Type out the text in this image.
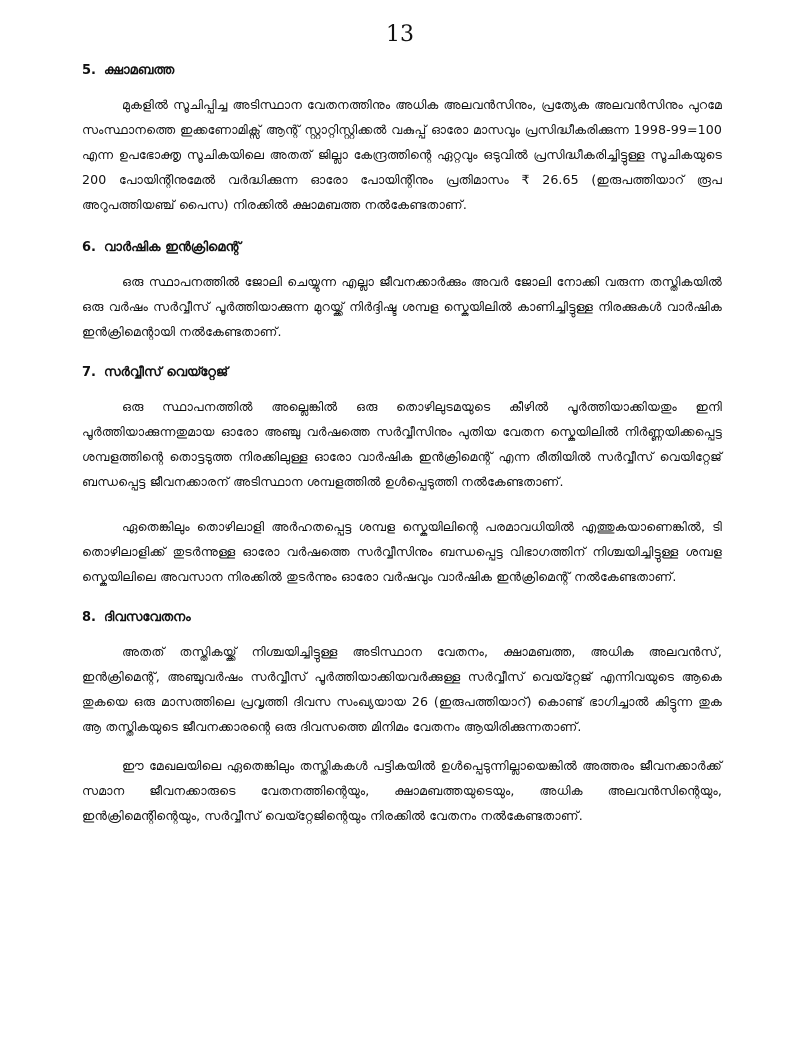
13

5. ക്ഷാമബത്ത

മുകളിൽ സൂചിപ്പിച്ച അടിസ്ഥാന വേതനത്തിനും അധിക അലവൻസിനും, പ്രത്യേക അലവൻസിനും പുറമേ സംസ്ഥാനത്തെ ഇക്കണോമിക്സ് ആന്റ് സ്റ്റാറ്റിസ്റ്റിക്കൽ വകുപ്പ് ഓരോ മാസവും പ്രസിദ്ധീകരിക്കുന്ന 1998-99=100 എന്ന ഉപഭോക്തൃ സൂചികയിലെ അതത് ജില്ലാ കേന്ദ്രത്തിന്റെ ഏറ്റവും ഒടുവിൽ പ്രസിദ്ധീകരിച്ചിട്ടുള്ള സൂചികയുടെ 200 പോയിന്റിനുമേൽ വർദ്ധിക്കുന്ന ഓരോ പോയിന്റിനും പ്രതിമാസം ₹ 26.65 (ഇരുപത്തിയാറ് രൂപ അറുപത്തിയഞ്ച് പൈസ) നിരക്കിൽ ക്ഷാമബത്ത നൽകേണ്ടതാണ്.

6. വാർഷിക ഇൻക്രിമെന്റ്

ഒരു സ്ഥാപനത്തിൽ ജോലി ചെയ്യുന്ന എല്ലാ ജീവനക്കാർക്കും അവർ ജോലി നോക്കി വരുന്ന തസ്തികയിൽ ഒരു വർഷം സർവ്വീസ് പൂർത്തിയാക്കുന്ന മുറയ്ക്ക് നിർദ്ദിഷ്ട ശമ്പള സ്കെയിലിൽ കാണിച്ചിട്ടുള്ള നിരക്കുകൾ വാർഷിക ഇൻക്രിമെന്റായി നൽകേണ്ടതാണ്.

7. സർവ്വീസ് വെയ്റ്റേജ്

ഒരു സ്ഥാപനത്തിൽ അല്ലെങ്കിൽ ഒരു തൊഴിലുടമയുടെ കീഴിൽ പൂർത്തിയാക്കിയതും ഇനി പൂർത്തിയാക്കുന്നതുമായ ഓരോ അഞ്ചു വർഷത്തെ സർവ്വീസിനും പുതിയ വേതന സ്കെയിലിൽ നിർണ്ണയിക്കപ്പെട്ട ശമ്പളത്തിന്റെ തൊട്ടടുത്ത നിരക്കിലുള്ള ഓരോ വാർഷിക ഇൻക്രിമെന്റ് എന്ന രീതിയിൽ സർവ്വീസ് വെയിറ്റേജ് ബന്ധപ്പെട്ട ജീവനക്കാരന് അടിസ്ഥാന ശമ്പളത്തിൽ ഉൾപ്പെടുത്തി നൽകേണ്ടതാണ്.

ഏതെങ്കിലും തൊഴിലാളി അർഹതപ്പെട്ട ശമ്പള സ്കെയിലിന്റെ പരമാവധിയിൽ എത്തുകയാണെങ്കിൽ, ടി തൊഴിലാളിക്ക് തുടർന്നുള്ള ഓരോ വർഷത്തെ സർവ്വീസിനും ബന്ധപ്പെട്ട വിഭാഗത്തിന് നിശ്ചയിച്ചിട്ടുള്ള ശമ്പള സ്കെയിലിലെ അവസാന നിരക്കിൽ തുടർന്നും ഓരോ വർഷവും വാർഷിക ഇൻക്രിമെന്റ് നൽകേണ്ടതാണ്.

8. ദിവസവേതനം

അതത് തസ്തികയ്ക്ക് നിശ്ചയിച്ചിട്ടുള്ള അടിസ്ഥാന വേതനം, ക്ഷാമബത്ത, അധിക അലവൻസ്, ഇൻക്രിമെന്റ്, അഞ്ചുവർഷം സർവ്വീസ് പൂർത്തിയാക്കിയവർക്കുള്ള സർവ്വീസ് വെയ്റ്റേജ് എന്നിവയുടെ ആകെ തുകയെ ഒരു മാസത്തിലെ പ്രവൃത്തി ദിവസ സംഖ്യയായ 26 (ഇരുപത്തിയാറ്) കൊണ്ട് ഭാഗിച്ചാൽ കിട്ടുന്ന തുക ആ തസ്തികയുടെ ജീവനക്കാരന്റെ ഒരു ദിവസത്തെ മിനിമം വേതനം ആയിരിക്കുന്നതാണ്.

ഈ മേഖലയിലെ ഏതെങ്കിലും തസ്തികകൾ പട്ടികയിൽ ഉൾപ്പെടുന്നില്ലായെങ്കിൽ അത്തരം ജീവനക്കാർക്ക് സമാന ജീവനക്കാരുടെ വേതനത്തിന്റെയും, ക്ഷാമബത്തയുടെയും, അധിക അലവൻസിന്റെയും, ഇൻക്രിമെന്റിന്റെയും, സർവ്വീസ് വെയ്റ്റേജിന്റെയും നിരക്കിൽ വേതനം നൽകേണ്ടതാണ്.
